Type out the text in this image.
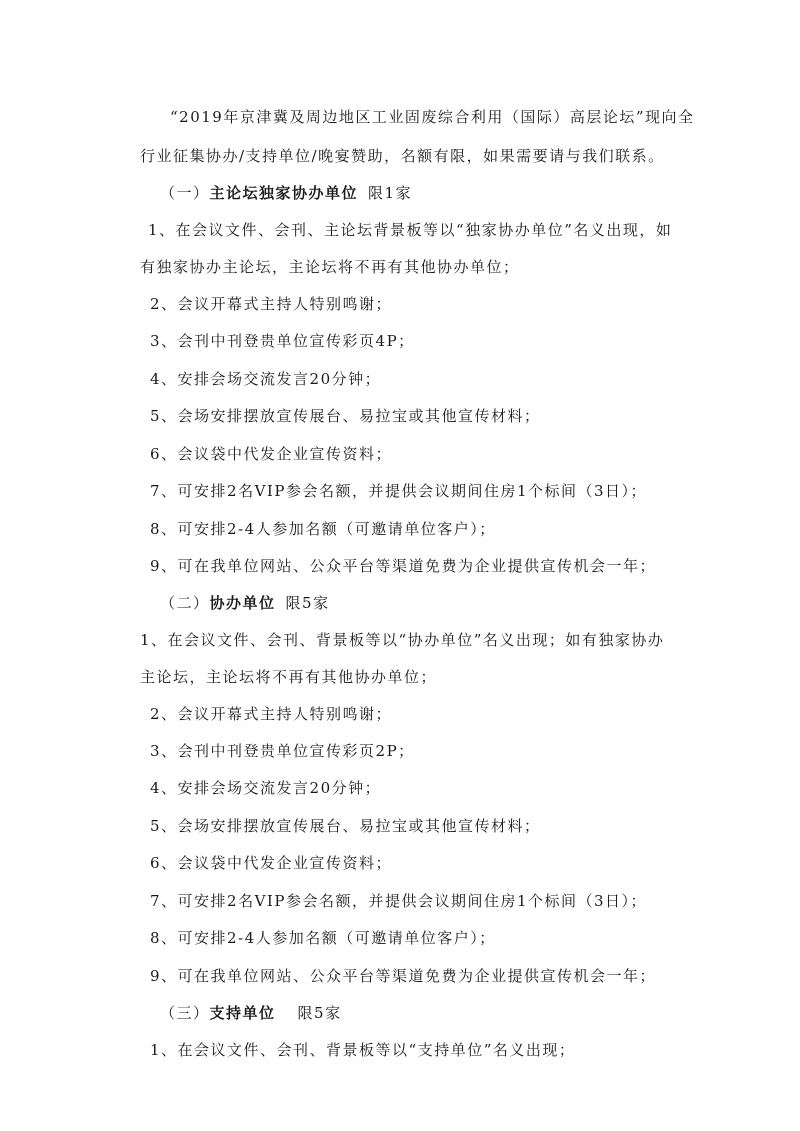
“2019年京津冀及周边地区工业固废综合利用（国际）高层论坛”现向全
行业征集协办/支持单位/晚宴赞助，名额有限，如果需要请与我们联系。
（一）主论坛独家协办单位 限1家
1、在会议文件、会刊、主论坛背景板等以“独家协办单位”名义出现，如
有独家协办主论坛，主论坛将不再有其他协办单位；
2、会议开幕式主持人特别鸣谢；
3、会刊中刊登贵单位宣传彩页4P；
4、安排会场交流发言20分钟；
5、会场安排摆放宣传展台、易拉宝或其他宣传材料；
6、会议袋中代发企业宣传资料；
7、可安排2名VIP参会名额，并提供会议期间住房1个标间（3日）；
8、可安排2-4人参加名额（可邀请单位客户）；
9、可在我单位网站、公众平台等渠道免费为企业提供宣传机会一年；
（二）协办单位 限5家
1、在会议文件、会刊、背景板等以“协办单位”名义出现；如有独家协办
主论坛，主论坛将不再有其他协办单位；
2、会议开幕式主持人特别鸣谢；
3、会刊中刊登贵单位宣传彩页2P；
4、安排会场交流发言20分钟；
5、会场安排摆放宣传展台、易拉宝或其他宣传材料；
6、会议袋中代发企业宣传资料；
7、可安排2名VIP参会名额，并提供会议期间住房1个标间（3日）；
8、可安排2-4人参加名额（可邀请单位客户）；
9、可在我单位网站、公众平台等渠道免费为企业提供宣传机会一年；
（三）支持单位 限5家
1、在会议文件、会刊、背景板等以“支持单位”名义出现；
